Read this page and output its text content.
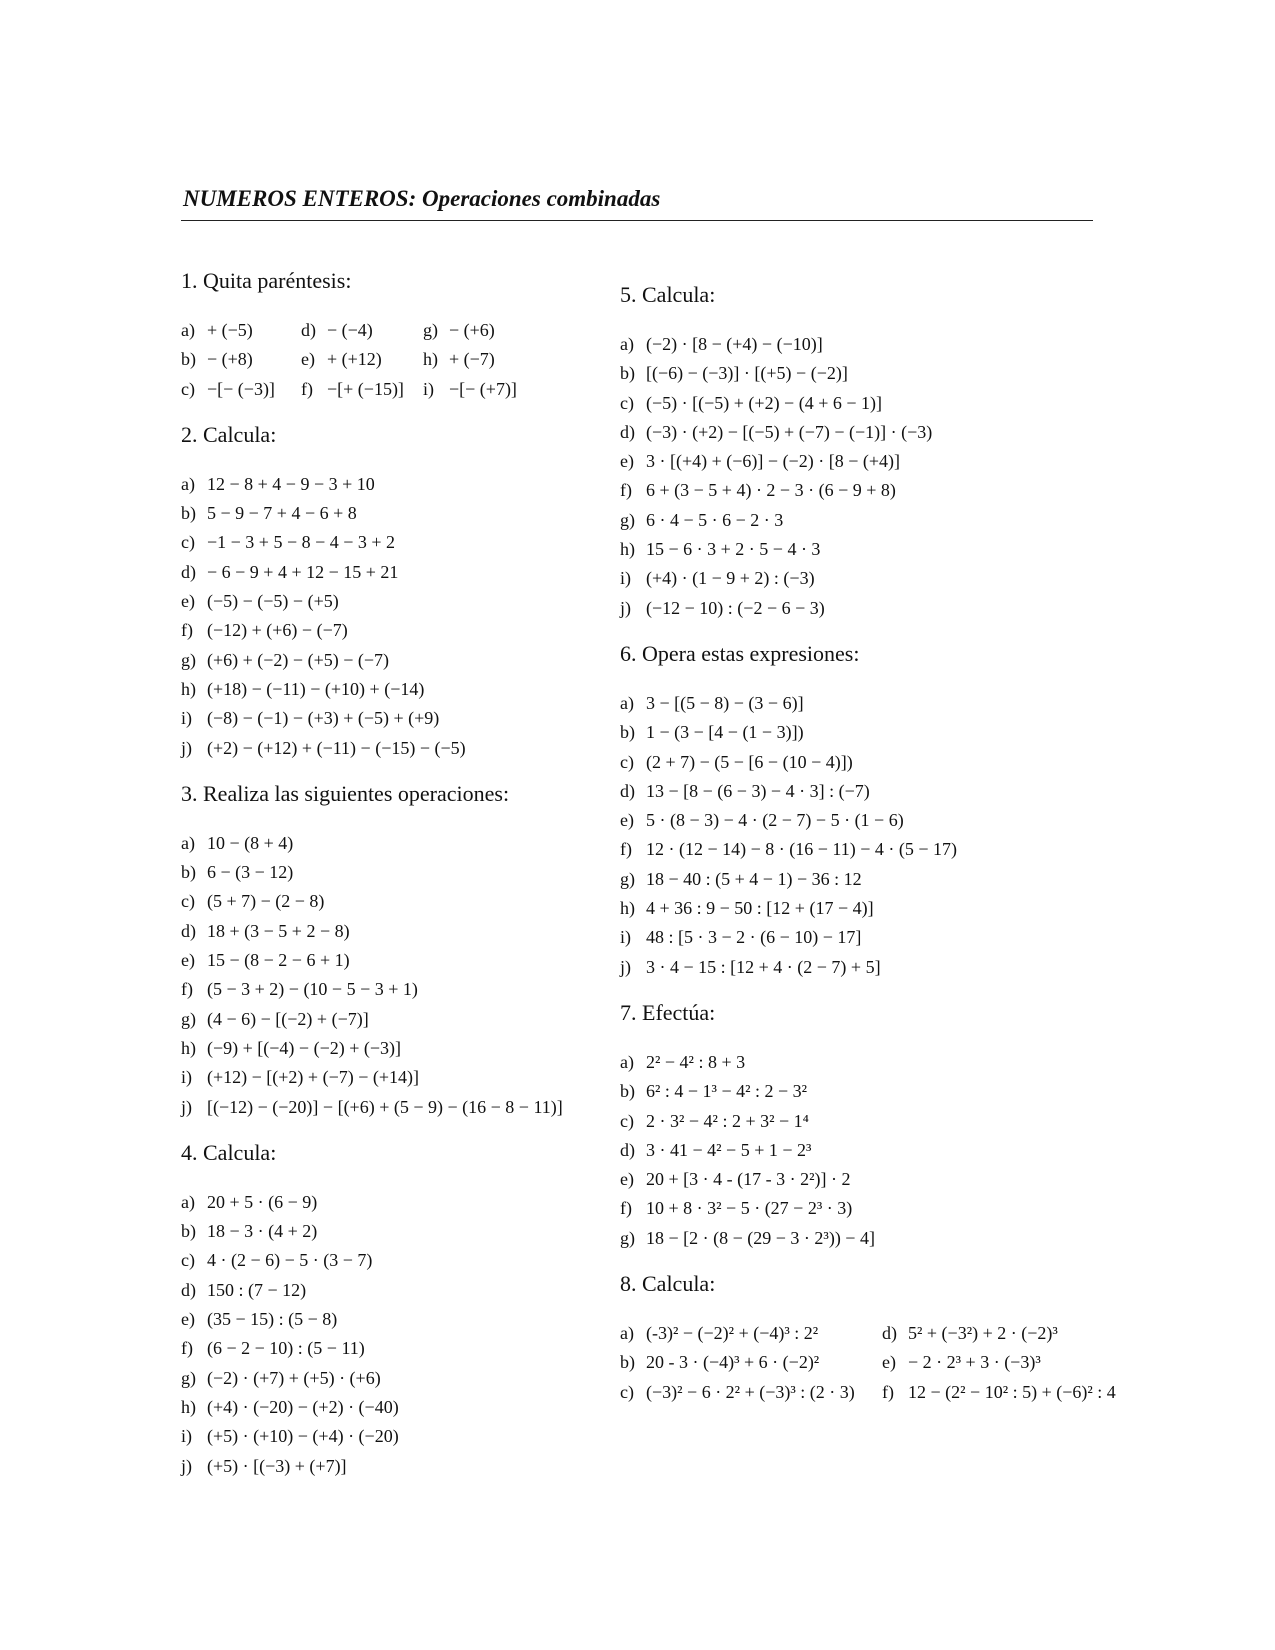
NUMEROS ENTEROS: Operaciones combinadas
1. Quita paréntesis:
a) + (−5)	d) − (−4)	g) − (+6)
b) − (+8)	e) + (+12)	h) + (−7)
c) −[− (−3)]	f) −[+ (−15)]	i) −[− (+7)]
2. Calcula:
a) 12 − 8 + 4 − 9 − 3 + 10
b) 5 − 9 − 7 + 4 − 6 + 8
c) −1 − 3 + 5 − 8 − 4 − 3 + 2
d) − 6 − 9 + 4 + 12 − 15 + 21
e) (−5) − (−5) − (+5)
f) (−12) + (+6) − (−7)
g) (+6) + (−2) − (+5) − (−7)
h) (+18) − (−11) − (+10) + (−14)
i) (−8) − (−1) − (+3) + (−5) + (+9)
j) (+2) − (+12) + (−11) − (−15) − (−5)
3. Realiza las siguientes operaciones:
a) 10 − (8 + 4)
b) 6 − (3 − 12)
c) (5 + 7) − (2 − 8)
d) 18 + (3 − 5 + 2 − 8)
e) 15 − (8 − 2 − 6 + 1)
f) (5 − 3 + 2) − (10 − 5 − 3 + 1)
g) (4 − 6) − [(−2) + (−7)]
h) (−9) + [(−4) − (−2) + (−3)]
i) (+12) − [(+2) + (−7) − (+14)]
j) [(−12) − (−20)] − [(+6) + (5 − 9) − (16 − 8 − 11)]
4. Calcula:
a) 20 + 5 · (6 − 9)
b) 18 − 3 · (4 + 2)
c) 4 · (2 − 6) − 5 · (3 − 7)
d) 150 : (7 − 12)
e) (35 − 15) : (5 − 8)
f) (6 − 2 − 10) : (5 − 11)
g) (−2) · (+7) + (+5) · (+6)
h) (+4) · (−20) − (+2) · (−40)
i) (+5) · (+10) − (+4) · (−20)
j) (+5) · [(−3) + (+7)]
5. Calcula:
a) (−2) · [8 − (+4) − (−10)]
b) [(−6) − (−3)] · [(+5) − (−2)]
c) (−5) · [(−5) + (+2) − (4 + 6 − 1)]
d) (−3) · (+2) − [(−5) + (−7) − (−1)] · (−3)
e) 3 · [(+4) + (−6)] − (−2) · [8 − (+4)]
f) 6 + (3 − 5 + 4) · 2 − 3 · (6 − 9 + 8)
g) 6 · 4 − 5 · 6 − 2 · 3
h) 15 − 6 · 3 + 2 · 5 − 4 · 3
i) (+4) · (1 − 9 + 2) : (−3)
j) (−12 − 10) : (−2 − 6 − 3)
6. Opera estas expresiones:
a) 3 − [(5 − 8) − (3 − 6)]
b) 1 − (3 − [4 − (1 − 3)])
c) (2 + 7) − (5 − [6 − (10 − 4)])
d) 13 − [8 − (6 − 3) − 4 · 3] : (−7)
e) 5 · (8 − 3) − 4 · (2 − 7) − 5 · (1 − 6)
f) 12 · (12 − 14) − 8 · (16 − 11) − 4 · (5 − 17)
g) 18 − 40 : (5 + 4 − 1) − 36 : 12
h) 4 + 36 : 9 − 50 : [12 + (17 − 4)]
i) 48 : [5 · 3 − 2 · (6 − 10) − 17]
j) 3 · 4 − 15 : [12 + 4 · (2 − 7) + 5]
7. Efectúa:
a) 2² − 4² : 8 + 3
b) 6² : 4 − 1³ − 4² : 2 − 3²
c) 2 · 3² − 4² : 2 + 3² − 1⁴
d) 3 · 41 − 4² − 5 + 1 − 2³
e) 20 + [3 · 4 - (17 - 3 · 2²)] · 2
f) 10 + 8 · 3² − 5 · (27 − 2³ · 3)
g) 18 − [2 · (8 − (29 − 3 · 2³)) − 4]
8. Calcula:
a) (-3)² − (−2)² + (−4)³ : 2²	d) 5² + (−3²) + 2 · (−2)³
b) 20 - 3 · (−4)³ + 6 · (−2)²	e) − 2 · 2³ + 3 · (−3)³
c) (−3)² − 6 · 2² + (−3)³ : (2 · 3)	f) 12 − (2² − 10² : 5) + (−6)² : 4
